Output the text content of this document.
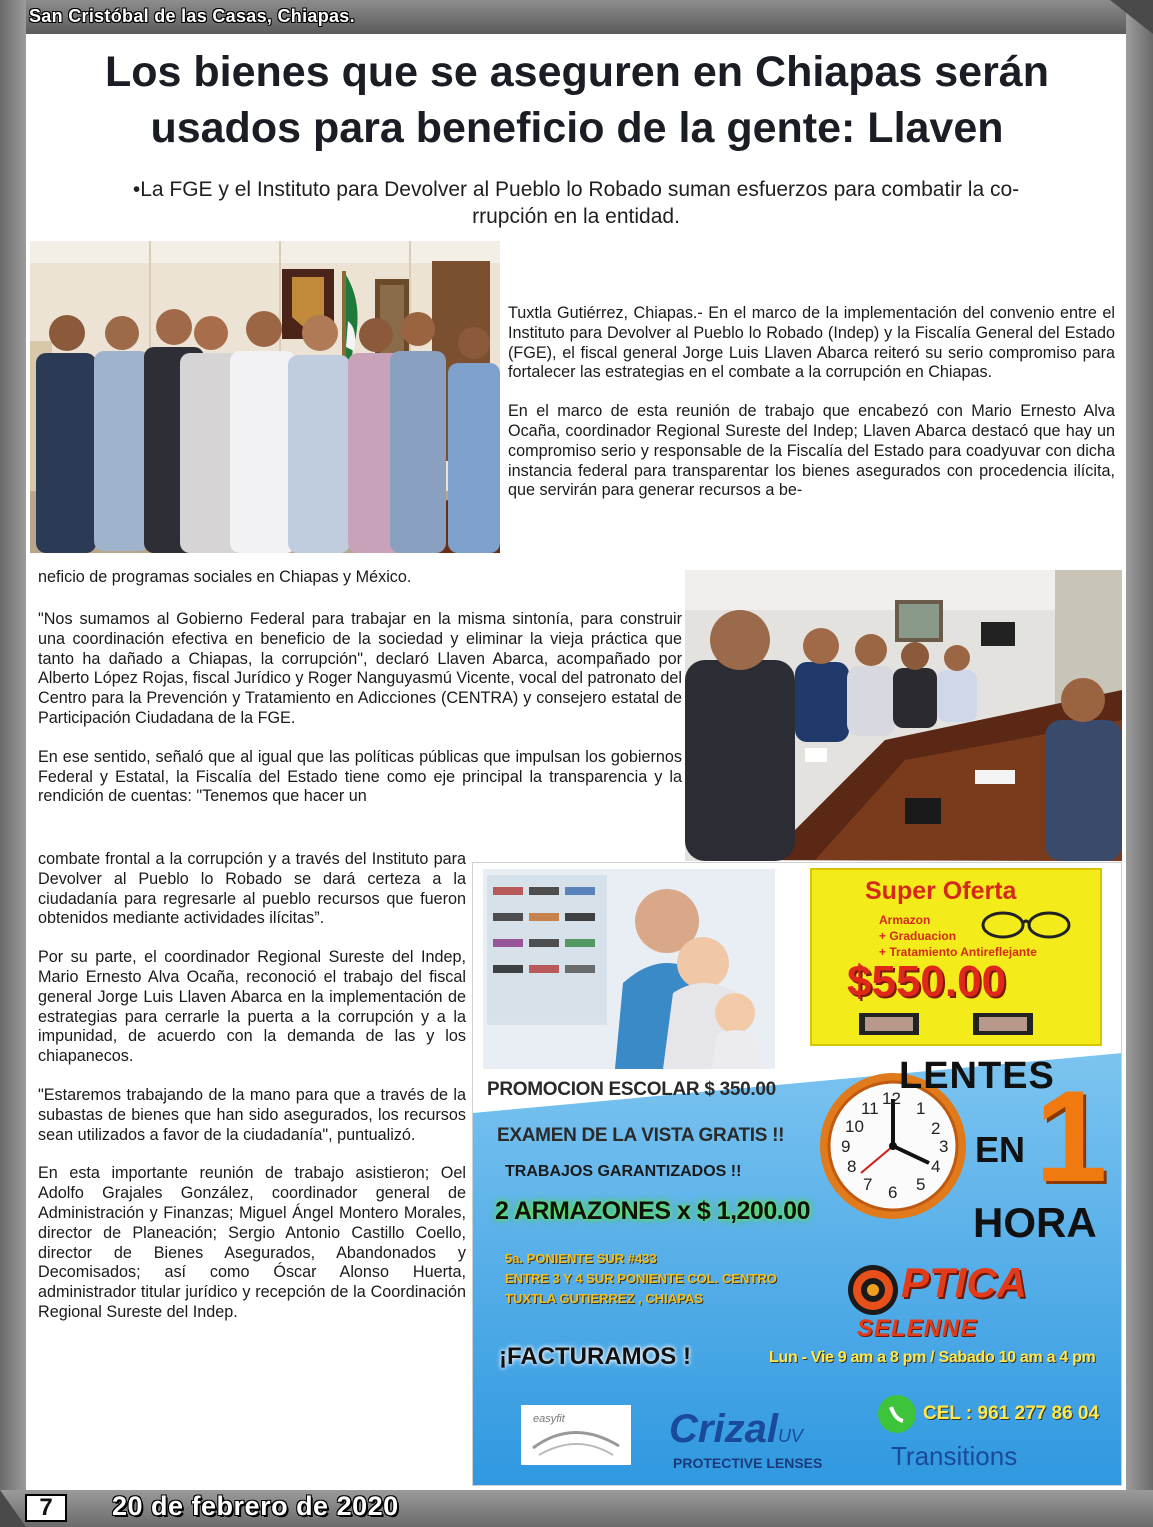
San Cristóbal de las Casas, Chiapas.
Los bienes que se aseguren en Chiapas serán
usados para beneficio de la gente: Llaven
•La FGE y el Instituto para Devolver al Pueblo lo Robado suman esfuerzos para combatir la co-
rrupción en la entidad.

Tuxtla Gutiérrez, Chiapas.- En el marco de la implementación del convenio entre el Instituto para Devolver al Pueblo lo Robado (Indep) y la Fiscalía General del Estado (FGE), el fiscal general Jorge Luis Llaven Abarca reiteró su serio compromiso para fortalecer las estrategias en el combate a la corrupción en Chiapas.

En el marco de esta reunión de trabajo que encabezó con Mario Ernesto Alva Ocaña, coordinador Regional Sureste del Indep; Llaven Abarca destacó que hay un compromiso serio y responsable de la Fiscalía del Estado para coadyuvar con dicha instancia federal para transparentar los bienes asegurados con procedencia ilícita, que servirán para generar recursos a be-

neficio de programas sociales en Chiapas y México.

"Nos sumamos al Gobierno Federal para trabajar en la misma sintonía, para construir una coordinación efectiva en beneficio de la sociedad y eliminar la vieja práctica que tanto ha dañado a Chiapas, la corrupción", declaró Llaven Abarca, acompañado por Alberto López Rojas, fiscal Jurídico y Roger Nanguyasmú Vicente, vocal del patronato del Centro para la Prevención y Tratamiento en Adicciones (CENTRA) y consejero estatal de Participación Ciudadana de la FGE.

En ese sentido, señaló que al igual que las políticas públicas que impulsan los gobiernos Federal y Estatal, la Fiscalía del Estado tiene como eje principal la transparencia y la rendición de cuentas: "Tenemos que hacer un

combate frontal a la corrupción y a través del Instituto para Devolver al Pueblo lo Robado se dará certeza a la ciudadanía para regresarle al pueblo recursos que fueron obtenidos mediante actividades ilícitas”.

Por su parte, el coordinador Regional Sureste del Indep, Mario Ernesto Alva Ocaña, reconoció el trabajo del fiscal general Jorge Luis Llaven Abarca en la implementación de estrategias para cerrarle la puerta a la corrupción y a la impunidad, de acuerdo con la demanda de las y los chiapanecos.

"Estaremos trabajando de la mano para que a través de la subastas de bienes que han sido asegurados, los recursos sean utilizados a favor de la ciudadanía", puntualizó.

En esta importante reunión de trabajo asistieron; Oel Adolfo Grajales González, coordinador general de Administración y Finanzas; Miguel Ángel Montero Morales, director de Planeación; Sergio Antonio Castillo Coello, director de Bienes Asegurados, Abandonados y Decomisados; así como Óscar Alonso Huerta, administrador titular jurídico y recepción de la Coordinación Regional Sureste del Indep.

12
1
2
3
4
5
6
7
8
9
10
11
Super Oferta
Armazon
+ Graduacion
+ Tratamiento Antireflejante
$550.00
LENTES
EN 1
HORA
PROMOCION ESCOLAR $ 350.00
EXAMEN DE LA VISTA GRATIS !!
TRABAJOS GARANTIZADOS !!
2 ARMAZONES x $ 1,200.00
5a. PONIENTE SUR #433
ENTRE 3 Y 4 SUR PONIENTE COL. CENTRO
TUXTLA GUTIERREZ , CHIAPAS
¡FACTURAMOS !
PTICA
SELENNE
Lun - Vie 9 am a 8 pm / Sabado 10 am a 4 pm
CEL : 961 277 86 04
easyfit	CrizalUV
PROTECTIVE LENSES	Transitions
7	20 de febrero de 2020
